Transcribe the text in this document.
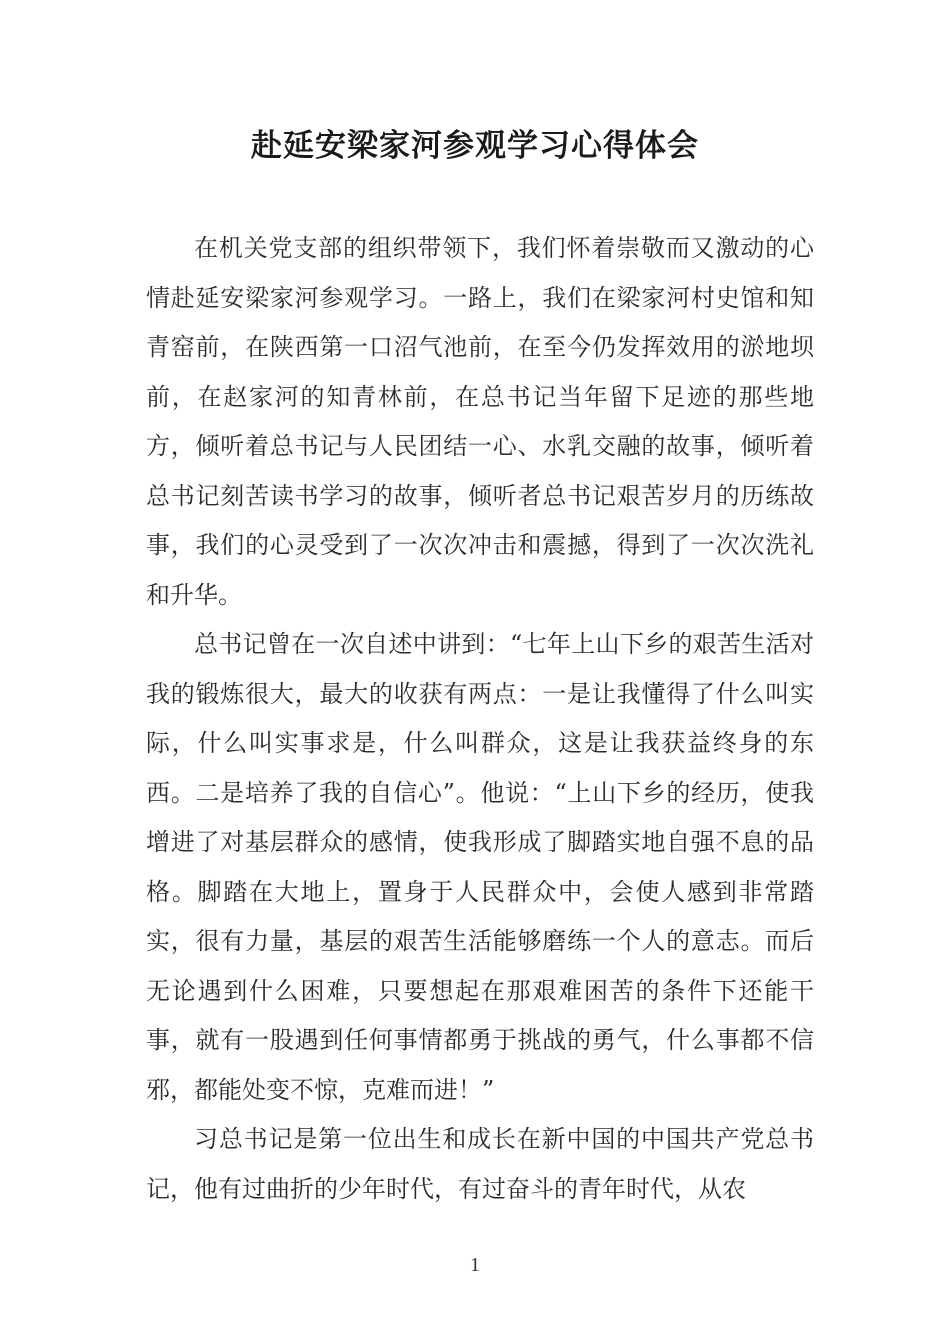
赴延安梁家河参观学习心得体会

在机关党支部的组织带领下，我们怀着崇敬而又激动的心情赴延安梁家河参观学习。一路上，我们在梁家河村史馆和知青窑前，在陕西第一口沼气池前，在至今仍发挥效用的淤地坝前，在赵家河的知青林前，在总书记当年留下足迹的那些地方，倾听着总书记与人民团结一心、水乳交融的故事，倾听着总书记刻苦读书学习的故事，倾听者总书记艰苦岁月的历练故事，我们的心灵受到了一次次冲击和震撼，得到了一次次洗礼和升华。

总书记曾在一次自述中讲到：“七年上山下乡的艰苦生活对我的锻炼很大，最大的收获有两点：一是让我懂得了什么叫实际，什么叫实事求是，什么叫群众，这是让我获益终身的东西。二是培养了我的自信心”。他说：“上山下乡的经历，使我增进了对基层群众的感情，使我形成了脚踏实地自强不息的品格。脚踏在大地上，置身于人民群众中，会使人感到非常踏实，很有力量，基层的艰苦生活能够磨练一个人的意志。而后无论遇到什么困难，只要想起在那艰难困苦的条件下还能干事，就有一股遇到任何事情都勇于挑战的勇气，什么事都不信邪，都能处变不惊，克难而进！”

习总书记是第一位出生和成长在新中国的中国共产党总书记，他有过曲折的少年时代，有过奋斗的青年时代，从农

1
